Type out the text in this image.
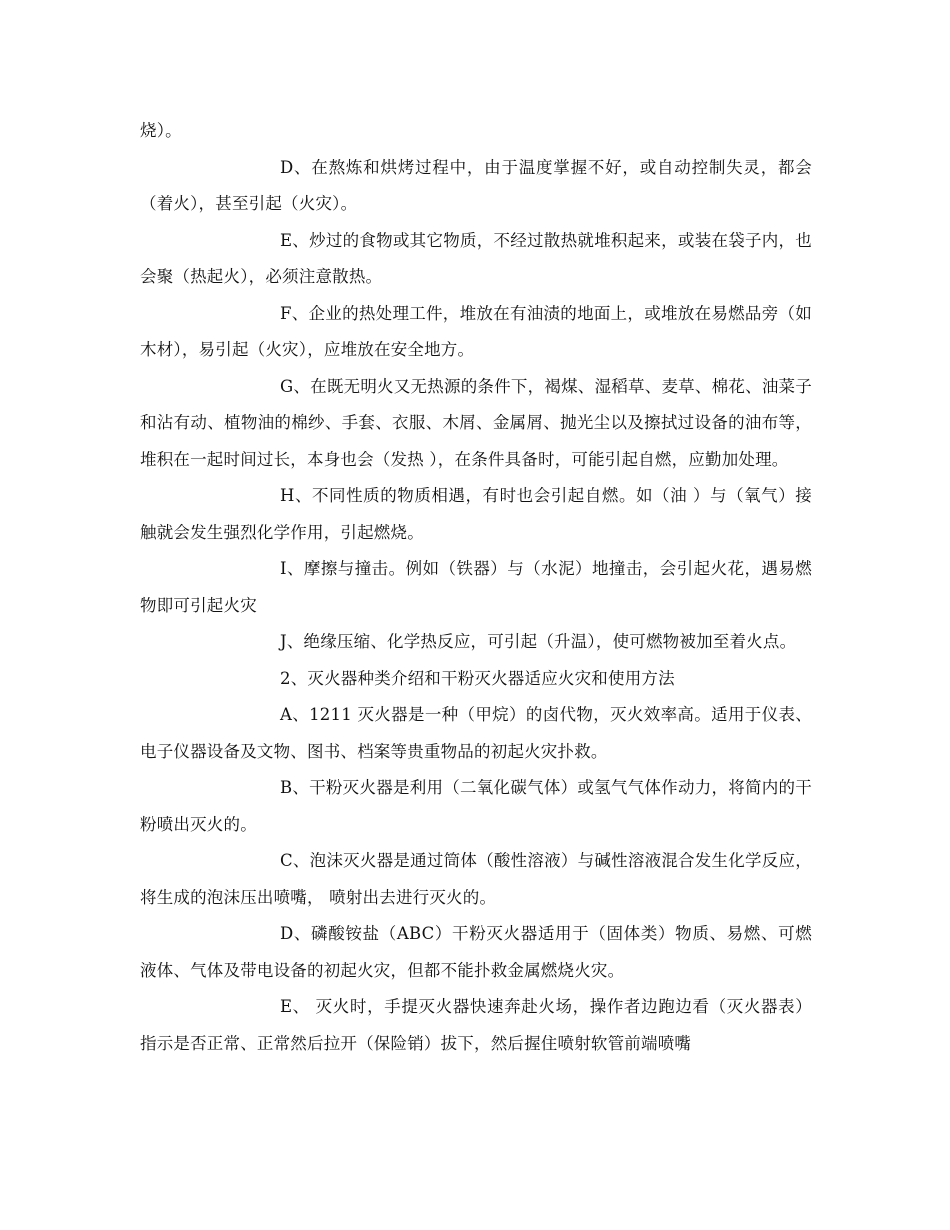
烧）。

D、在熬炼和烘烤过程中，由于温度掌握不好，或自动控制失灵，都会（着火），甚至引起（火灾）。

E、炒过的食物或其它物质，不经过散热就堆积起来，或装在袋子内，也会聚（热起火），必须注意散热。

F、企业的热处理工件，堆放在有油渍的地面上，或堆放在易燃品旁（如木材），易引起（火灾），应堆放在安全地方。

G、在既无明火又无热源的条件下，褐煤、湿稻草、麦草、棉花、油菜子和沾有动、植物油的棉纱、手套、衣服、木屑、金属屑、抛光尘以及擦拭过设备的油布等，堆积在一起时间过长，本身也会（发热 ），在条件具备时，可能引起自燃，应勤加处理。

H、不同性质的物质相遇，有时也会引起自燃。如（油 ）与（氧气）接触就会发生强烈化学作用，引起燃烧。

I、摩擦与撞击。例如（铁器）与（水泥）地撞击，会引起火花，遇易燃物即可引起火灾

J、绝缘压缩、化学热反应，可引起（升温），使可燃物被加至着火点。

2、灭火器种类介绍和干粉灭火器适应火灾和使用方法

A、1211 灭火器是一种（甲烷）的卤代物，灭火效率高。适用于仪表、电子仪器设备及文物、图书、档案等贵重物品的初起火灾扑救。

B、干粉灭火器是利用（二氧化碳气体）或氢气气体作动力，将简内的干粉喷出灭火的。

C、泡沫灭火器是通过筒体（酸性溶液）与碱性溶液混合发生化学反应，将生成的泡沫压出喷嘴， 喷射出去进行灭火的。

D、磷酸铵盐（ABC）干粉灭火器适用于（固体类）物质、易燃、可燃液体、气体及带电设备的初起火灾，但都不能扑救金属燃烧火灾。

E、 灭火时，手提灭火器快速奔赴火场，操作者边跑边看（灭火器表）指示是否正常、正常然后拉开（保险销）拔下，然后握住喷射软管前端喷嘴
